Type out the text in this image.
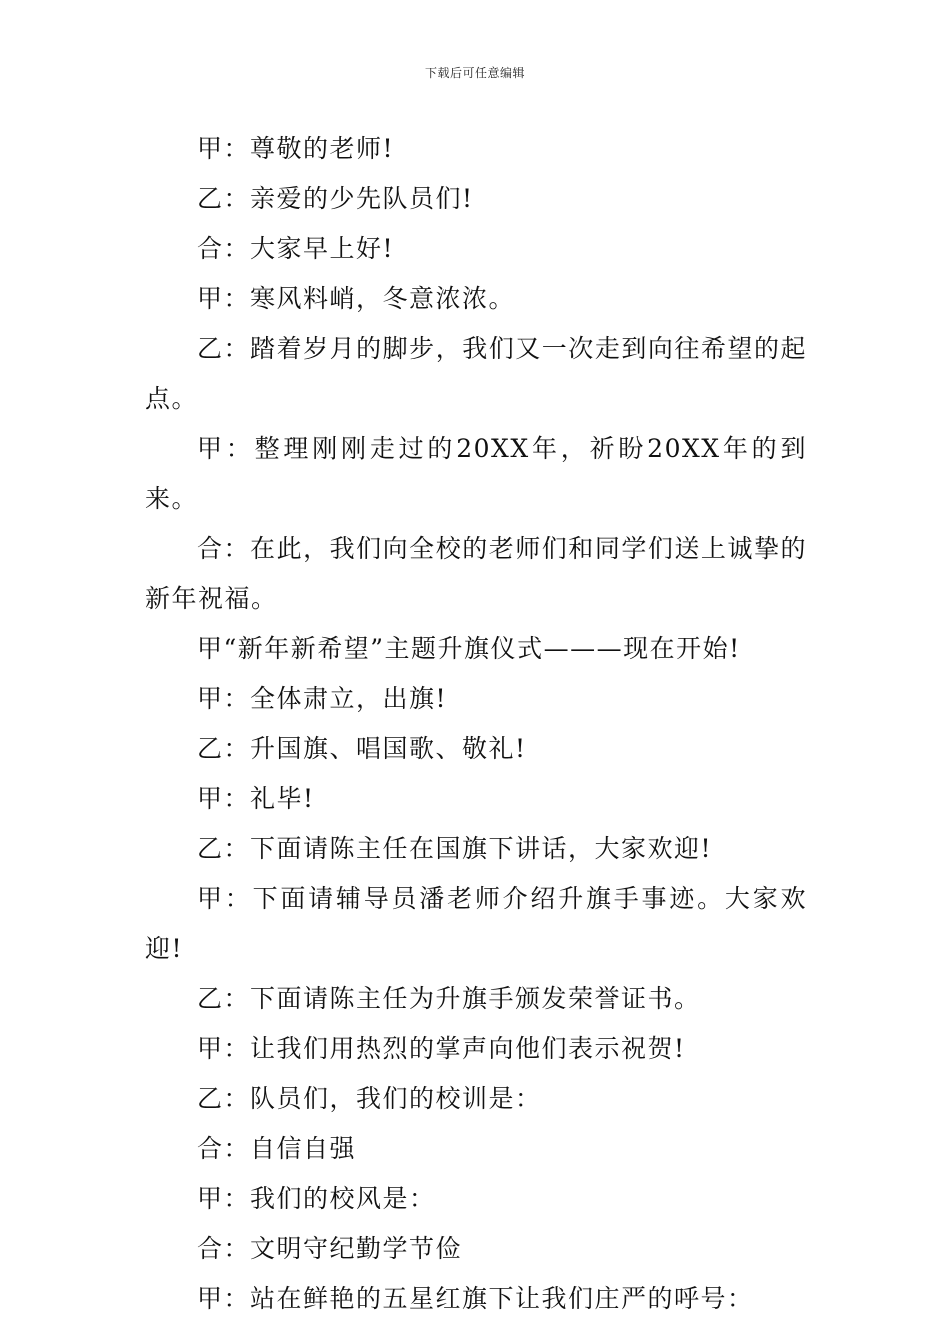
下载后可任意编辑

甲：尊敬的老师!

乙：亲爱的少先队员们!

合：大家早上好!

甲：寒风料峭，冬意浓浓。

乙：踏着岁月的脚步，我们又一次走到向往希望的起点。

甲：整理刚刚走过的20XX年，祈盼20XX年的到来。

合：在此，我们向全校的老师们和同学们送上诚挚的新年祝福。

甲“新年新希望”主题升旗仪式———现在开始!

甲：全体肃立，出旗!

乙：升国旗、唱国歌、敬礼!

甲：礼毕!

乙：下面请陈主任在国旗下讲话，大家欢迎!

甲：下面请辅导员潘老师介绍升旗手事迹。大家欢迎!

乙：下面请陈主任为升旗手颁发荣誉证书。

甲：让我们用热烈的掌声向他们表示祝贺!

乙：队员们，我们的校训是：

合：自信自强

甲：我们的校风是：

合：文明守纪勤学节俭

甲：站在鲜艳的五星红旗下让我们庄严的呼号：
